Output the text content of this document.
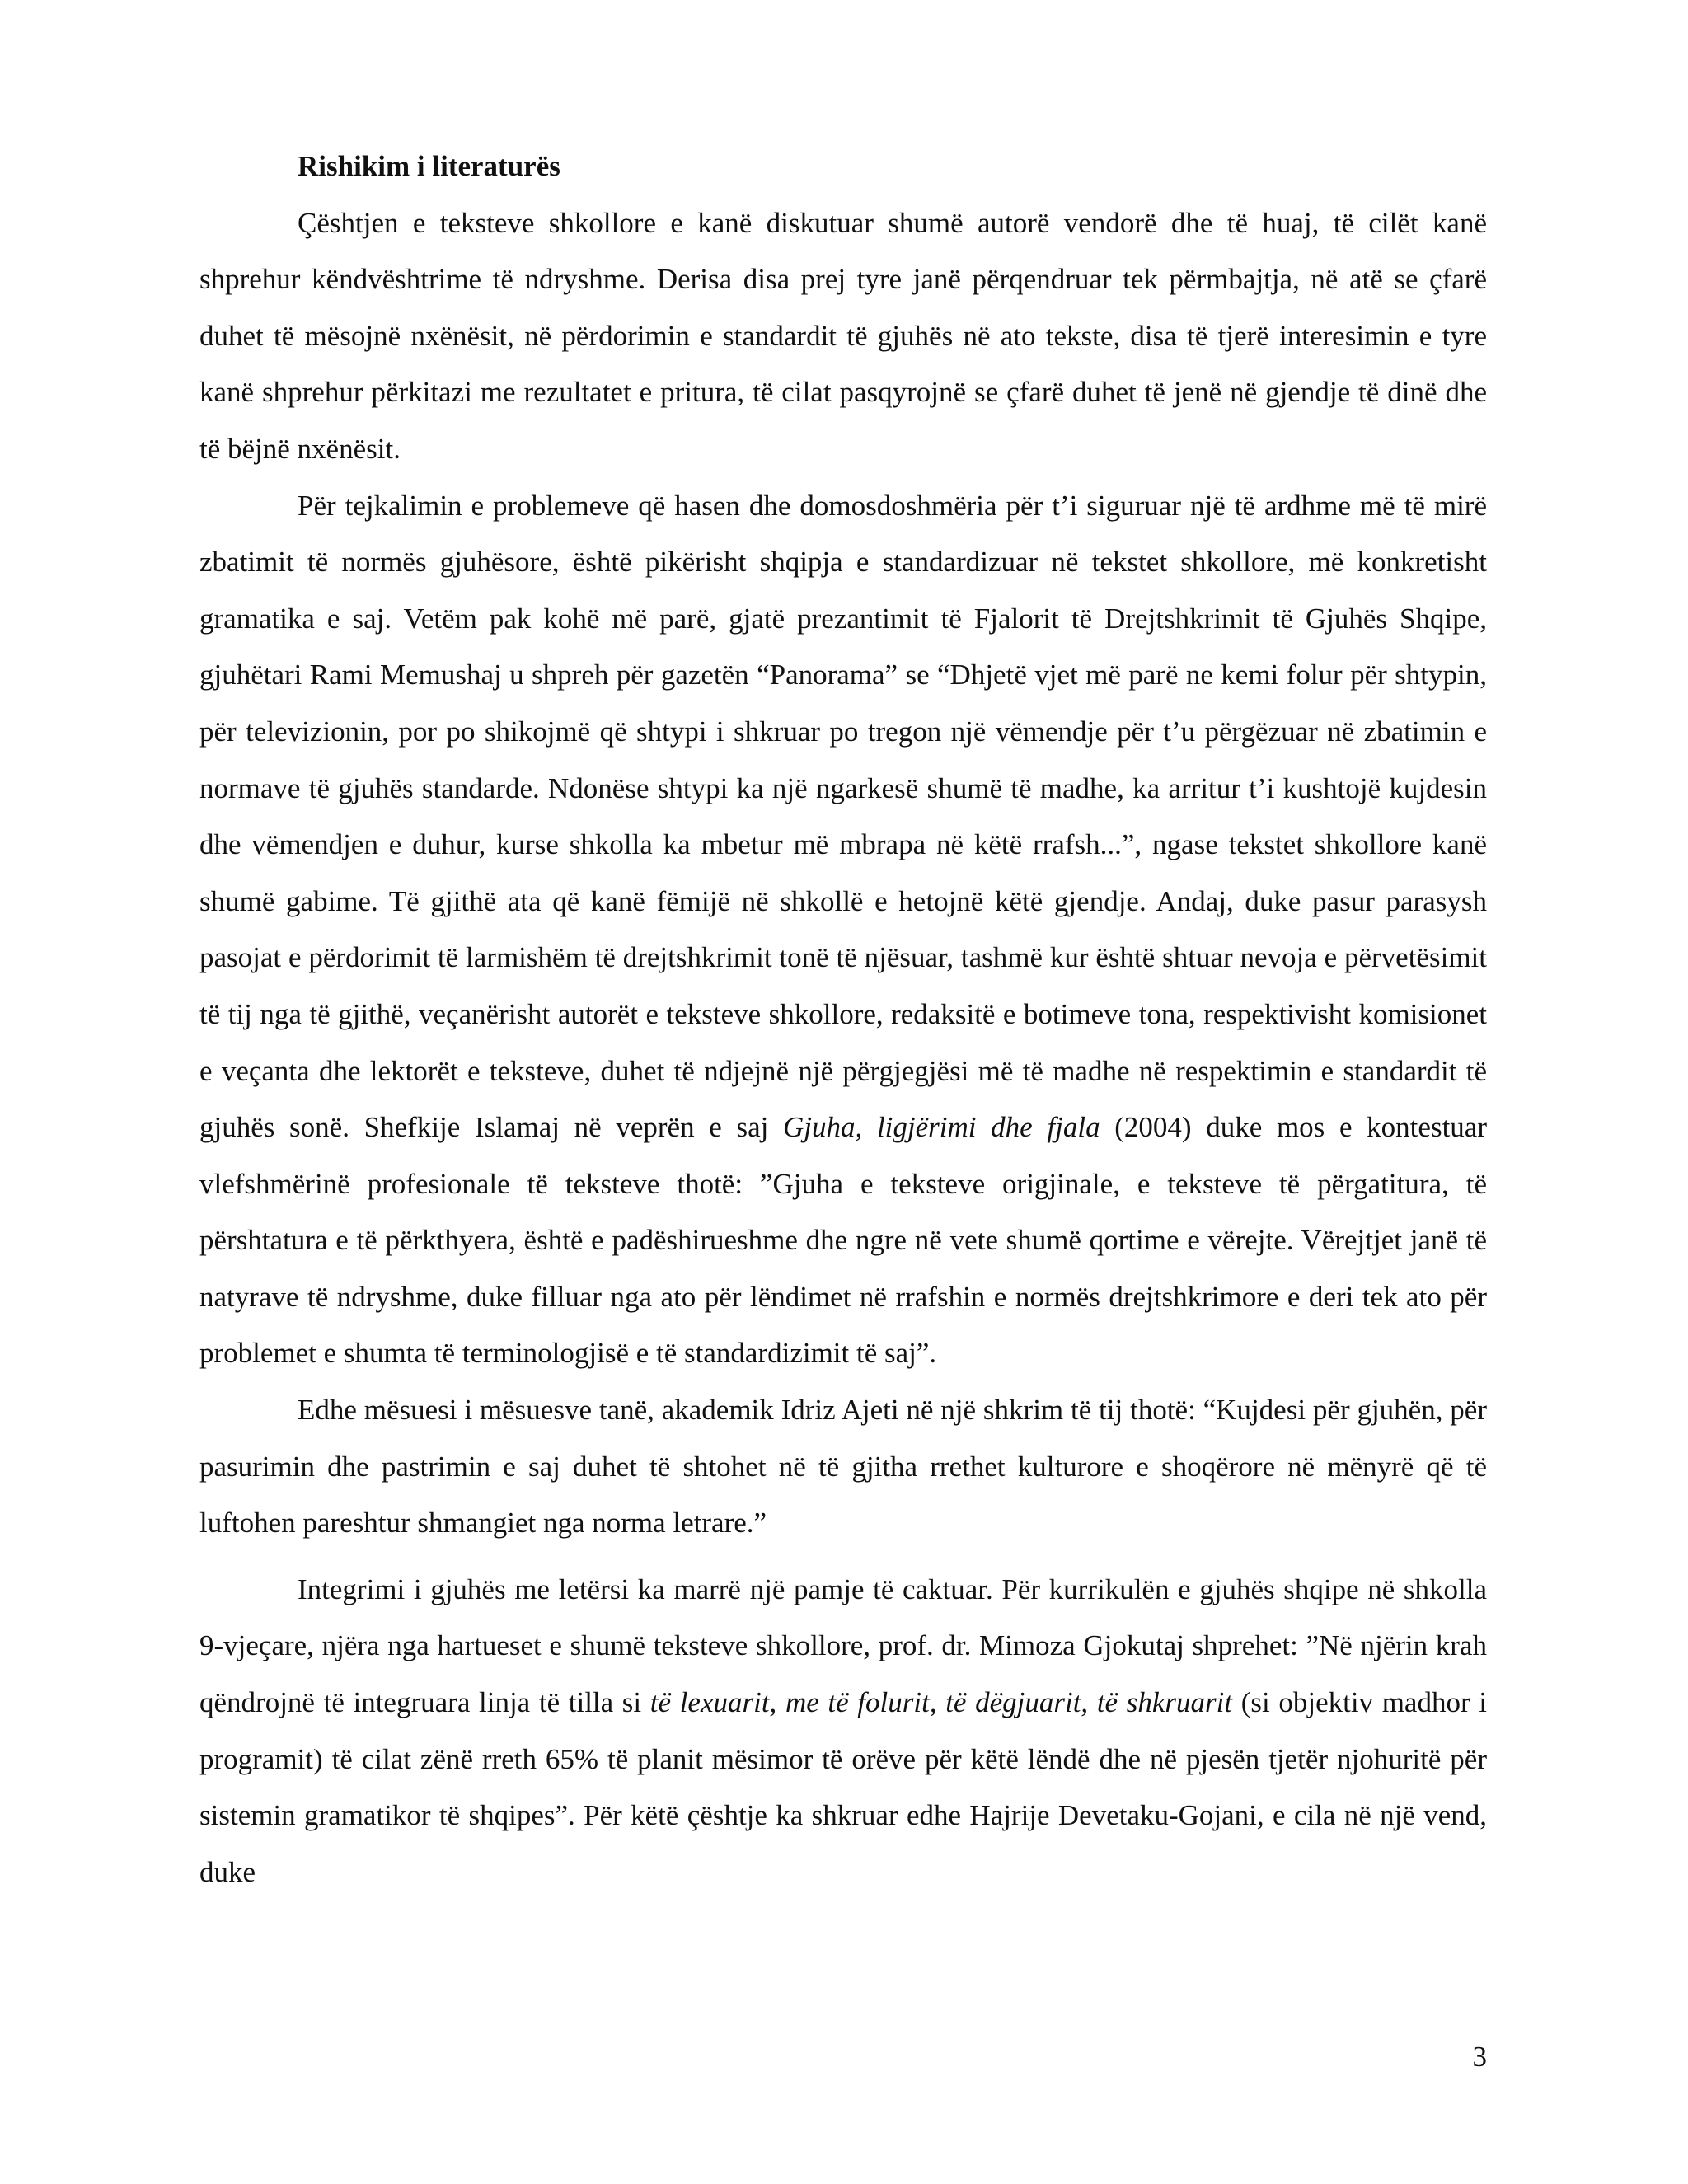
Rishikim i literaturës

Çështjen e teksteve shkollore e kanë diskutuar shumë autorë vendorë dhe të huaj, të cilët kanë shprehur këndvështrime të ndryshme. Derisa disa prej tyre janë përqendruar tek përmbajtja, në atë se çfarë duhet të mësojnë nxënësit, në përdorimin e standardit të gjuhës në ato tekste, disa të tjerë interesimin e tyre kanë shprehur përkitazi me rezultatet e pritura, të cilat pasqyrojnë se çfarë duhet të jenë në gjendje të dinë dhe të bëjnë nxënësit.

Për tejkalimin e problemeve që hasen dhe domosdoshmëria për t’i siguruar një të ardhme më të mirë zbatimit të normës gjuhësore, është pikërisht shqipja e standardizuar në tekstet shkollore, më konkretisht gramatika e saj. Vetëm pak kohë më parë, gjatë prezantimit të Fjalorit të Drejtshkrimit të Gjuhës Shqipe, gjuhëtari Rami Memushaj u shpreh për gazetën “Panorama” se “Dhjetë vjet më parë ne kemi folur për shtypin, për televizionin, por po shikojmë që shtypi i shkruar po tregon një vëmendje për t’u përgëzuar në zbatimin e normave të gjuhës standarde. Ndonëse shtypi ka një ngarkesë shumë të madhe, ka arritur t’i kushtojë kujdesin dhe vëmendjen e duhur, kurse shkolla ka mbetur më mbrapa në këtë rrafsh...”, ngase tekstet shkollore kanë shumë gabime. Të gjithë ata që kanë fëmijë në shkollë e hetojnë këtë gjendje. Andaj, duke pasur parasysh pasojat e përdorimit të larmishëm të drejtshkrimit tonë të njësuar, tashmë kur është shtuar nevoja e përvetësimit të tij nga të gjithë, veçanërisht autorët e teksteve shkollore, redaksitë e botimeve tona, respektivisht komisionet e veçanta dhe lektorët e teksteve, duhet të ndjejnë një përgjegjësi më të madhe në respektimin e standardit të gjuhës sonë. Shefkije Islamaj në veprën e saj Gjuha, ligjërimi dhe fjala (2004) duke mos e kontestuar vlefshmërinë profesionale të teksteve thotë: ”Gjuha e teksteve origjinale, e teksteve të përgatitura, të përshtatura e të përkthyera, është e padëshirueshme dhe ngre në vete shumë qortime e vërejte. Vërejtjet janë të natyrave të ndryshme, duke filluar nga ato për lëndimet në rrafshin e normës drejtshkrimore e deri tek ato për problemet e shumta të terminologjisë e të standardizimit të saj”.

Edhe mësuesi i mësuesve tanë, akademik Idriz Ajeti në një shkrim të tij thotë: “Kujdesi për gjuhën, për pasurimin dhe pastrimin e saj duhet të shtohet në të gjitha rrethet kulturore e shoqërore në mënyrë që të luftohen pareshtur shmangiet nga norma letrare.”

Integrimi i gjuhës me letërsi ka marrë një pamje të caktuar. Për kurrikulën e gjuhës shqipe në shkolla 9-vjeçare, njëra nga hartueset e shumë teksteve shkollore, prof. dr. Mimoza Gjokutaj shprehet: ”Në njërin krah qëndrojnë të integruara linja të tilla si të lexuarit, me të folurit, të dëgjuarit, të shkruarit (si objektiv madhor i programit) të cilat zënë rreth 65% të planit mësimor të orëve për këtë lëndë dhe në pjesën tjetër njohuritë për sistemin gramatikor të shqipes”. Për këtë çështje ka shkruar edhe Hajrije Devetaku-Gojani, e cila në një vend, duke

3
